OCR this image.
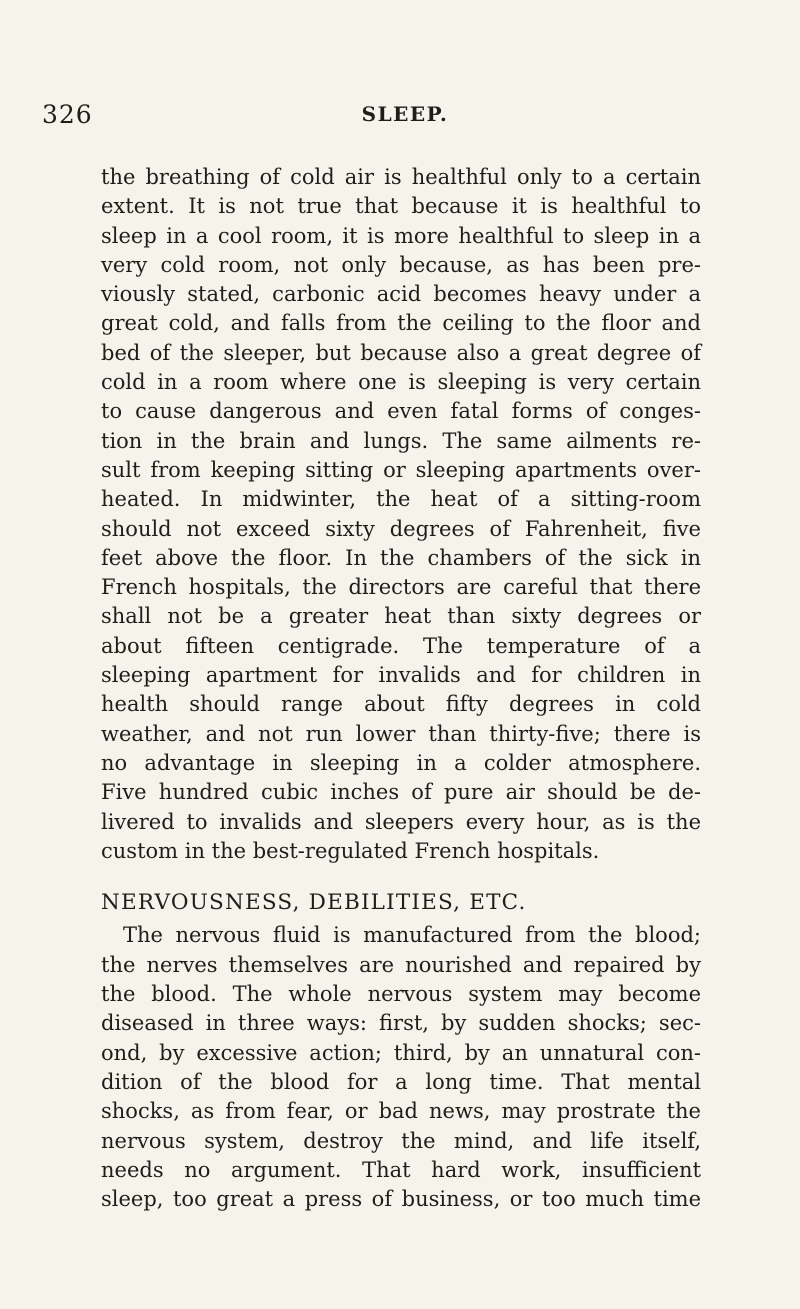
326	SLEEP.
the breathing of cold air is healthful only to a certain
extent. It is not true that because it is healthful to
sleep in a cool room, it is more healthful to sleep in a
very cold room, not only because, as has been pre-
viously stated, carbonic acid becomes heavy under a
great cold, and falls from the ceiling to the floor and
bed of the sleeper, but because also a great degree of
cold in a room where one is sleeping is very certain
to cause dangerous and even fatal forms of conges-
tion in the brain and lungs. The same ailments re-
sult from keeping sitting or sleeping apartments over-
heated. In midwinter, the heat of a sitting-room
should not exceed sixty degrees of Fahrenheit, five
feet above the floor. In the chambers of the sick in
French hospitals, the directors are careful that there
shall not be a greater heat than sixty degrees or
about fifteen centigrade. The temperature of a
sleeping apartment for invalids and for children in
health should range about fifty degrees in cold
weather, and not run lower than thirty-five; there is
no advantage in sleeping in a colder atmosphere.
Five hundred cubic inches of pure air should be de-
livered to invalids and sleepers every hour, as is the
custom in the best-regulated French hospitals.
NERVOUSNESS, DEBILITIES, ETC.
The nervous fluid is manufactured from the blood;
the nerves themselves are nourished and repaired by
the blood. The whole nervous system may become
diseased in three ways: first, by sudden shocks; sec-
ond, by excessive action; third, by an unnatural con-
dition of the blood for a long time. That mental
shocks, as from fear, or bad news, may prostrate the
nervous system, destroy the mind, and life itself,
needs no argument. That hard work, insufficient
sleep, too great a press of business, or too much time
